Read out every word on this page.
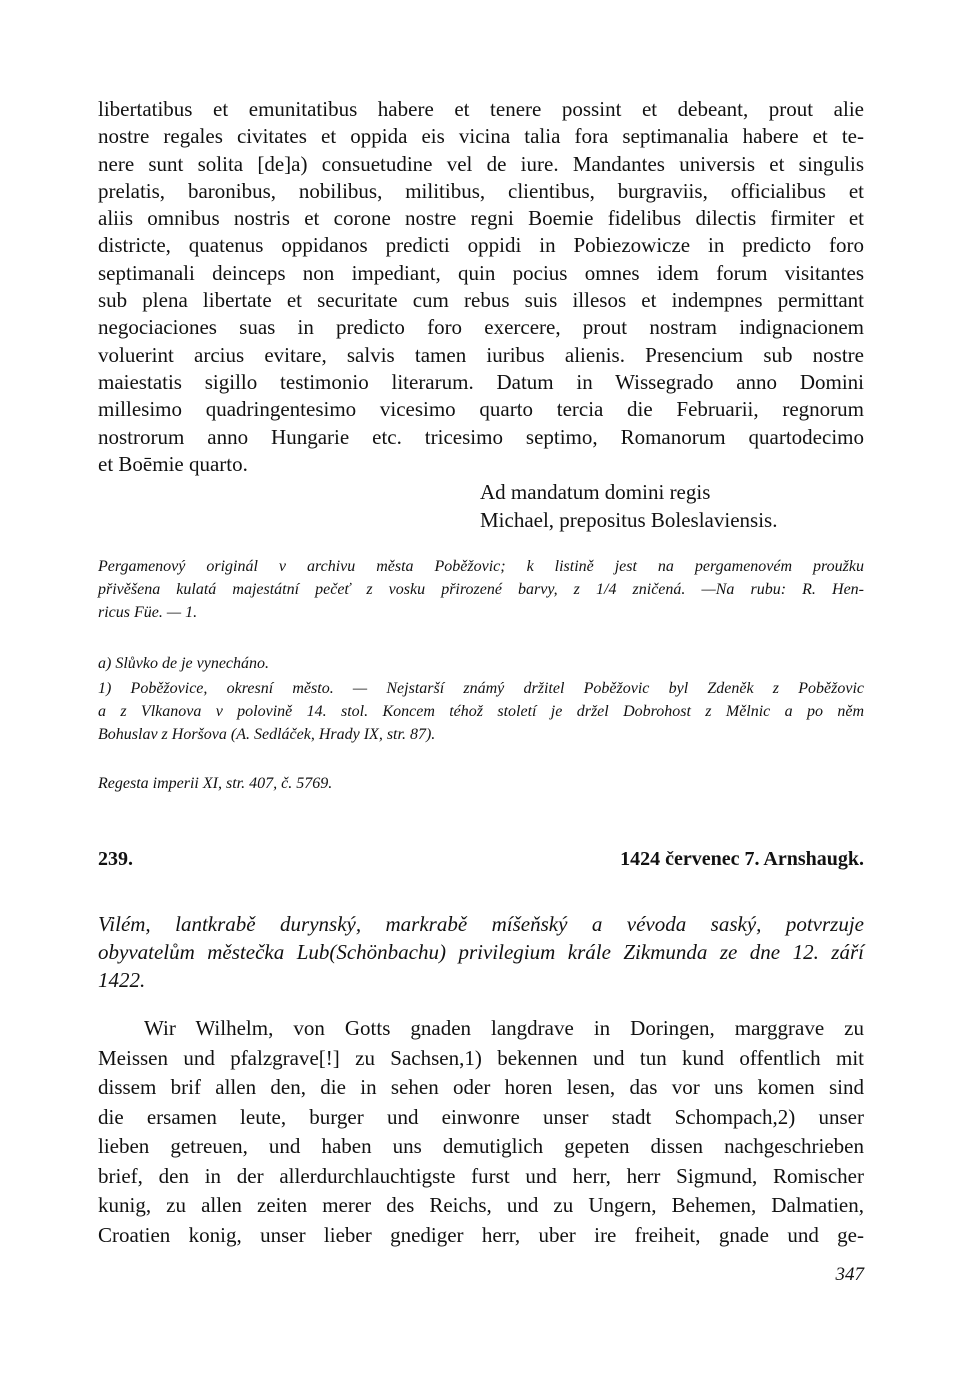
libertatibus et emunitatibus habere et tenere possint et debeant, prout alie
nostre regales civitates et oppida eis vicina talia fora septimanalia habere et te-
nere sunt solita [de]a) consuetudine vel de iure. Mandantes universis et singulis
prelatis, baronibus, nobilibus, militibus, clientibus, burgraviis, officialibus et
aliis omnibus nostris et corone nostre regni Boemie fidelibus dilectis firmiter et
districte, quatenus oppidanos predicti oppidi in Pobiezowicze in predicto foro
septimanali deinceps non impediant, quin pocius omnes idem forum visitantes
sub plena libertate et securitate cum rebus suis illesos et indempnes permittant
negociaciones suas in predicto foro exercere, prout nostram indignacionem
voluerint arcius evitare, salvis tamen iuribus alienis. Presencium sub nostre
maiestatis sigillo testimonio literarum. Datum in Wissegrado anno Domini
millesimo quadringentesimo vicesimo quarto tercia die Februarii, regnorum
nostrorum anno Hungarie etc. tricesimo septimo, Romanorum quartodecimo
et Boēmie quarto.
Ad mandatum domini regis
Michael, prepositus Boleslaviensis.
Pergamenový originál v archivu města Poběžovic; k listině jest na pergamenovém proužku
přivěšena kulatá majestátní pečeť z vosku přirozené barvy, z 1/4 zničená. —Na rubu: R. Hen-
ricus Füe. — 1.
a) Slůvko de je vynecháno.
1) Poběžovice, okresní město. — Nejstarší známý držitel Poběžovic byl Zdeněk z Poběžovic
a z Vlkanova v polovině 14. stol. Koncem téhož století je držel Dobrohost z Mělnic a po něm
Bohuslav z Horšova (A. Sedláček, Hrady IX, str. 87).
Regesta imperii XI, str. 407, č. 5769.
239.	1424 červenec 7. Arnshaugk.
Vilém, lantkrabě durynský, markrabě míšeňský a vévoda saský, potvrzuje
obyvatelům městečka Lub(Schönbachu) privilegium krále Zikmunda ze dne 12. září
1422.
Wir Wilhelm, von Gotts gnaden langdrave in Doringen, marggrave zu
Meissen und pfalzgrave[!] zu Sachsen,1) bekennen und tun kund offentlich mit
dissem brif allen den, die in sehen oder horen lesen, das vor uns komen sind
die ersamen leute, burger und einwonre unser stadt Schompach,2) unser
lieben getreuen, und haben uns demutiglich gepeten dissen nachgeschrieben
brief, den in der allerdurchlauchtigste furst und herr, herr Sigmund, Romischer
kunig, zu allen zeiten merer des Reichs, und zu Ungern, Behemen, Dalmatien,
Croatien konig, unser lieber gnediger herr, uber ire freiheit, gnade und ge-
347
